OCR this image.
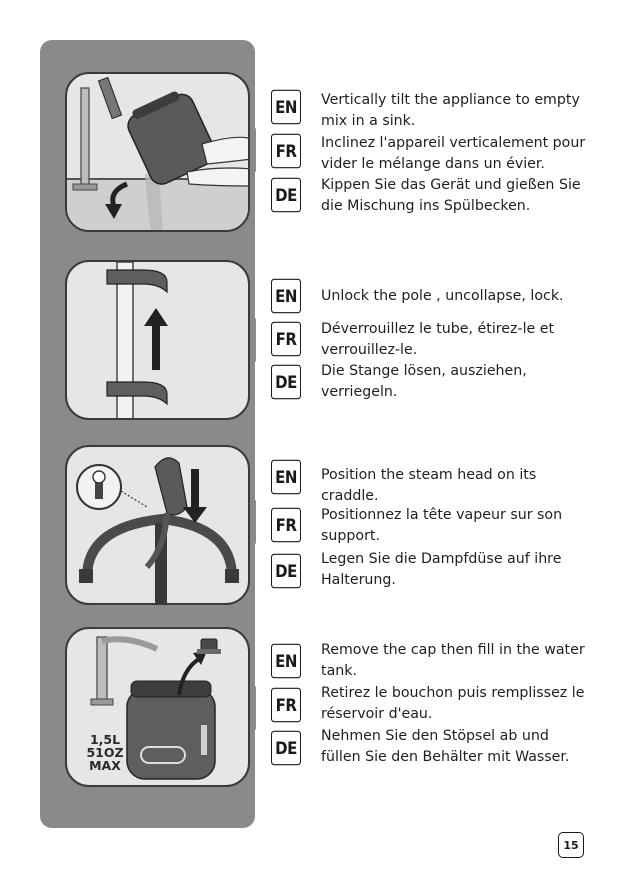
1,5L
51OZ
MAX
EN Vertically tilt the appliance to empty mix in a sink.
FR	Inclinez l'appareil verticalement pour vider le mélange dans un évier.
DE Kippen Sie das Gerät und gießen Sie die Mischung ins Spülbecken.
EN Unlock the pole , uncollapse, lock.
FR	Déverrouillez le tube, étirez-le et verrouillez-le.
DE
Die Stange lösen, ausziehen, verriegeln.
EN Position the steam head on its craddle.
FR	Positionnez la tête vapeur sur son support.
DE
Legen Sie die Dampfdüse auf ihre Halterung.
EN
Remove the cap then fill in the water tank.
FR
Retirez le bouchon puis remplissez le réservoir d'eau.
DE
Nehmen Sie den Stöpsel ab und füllen Sie den Behälter mit Wasser.
15
